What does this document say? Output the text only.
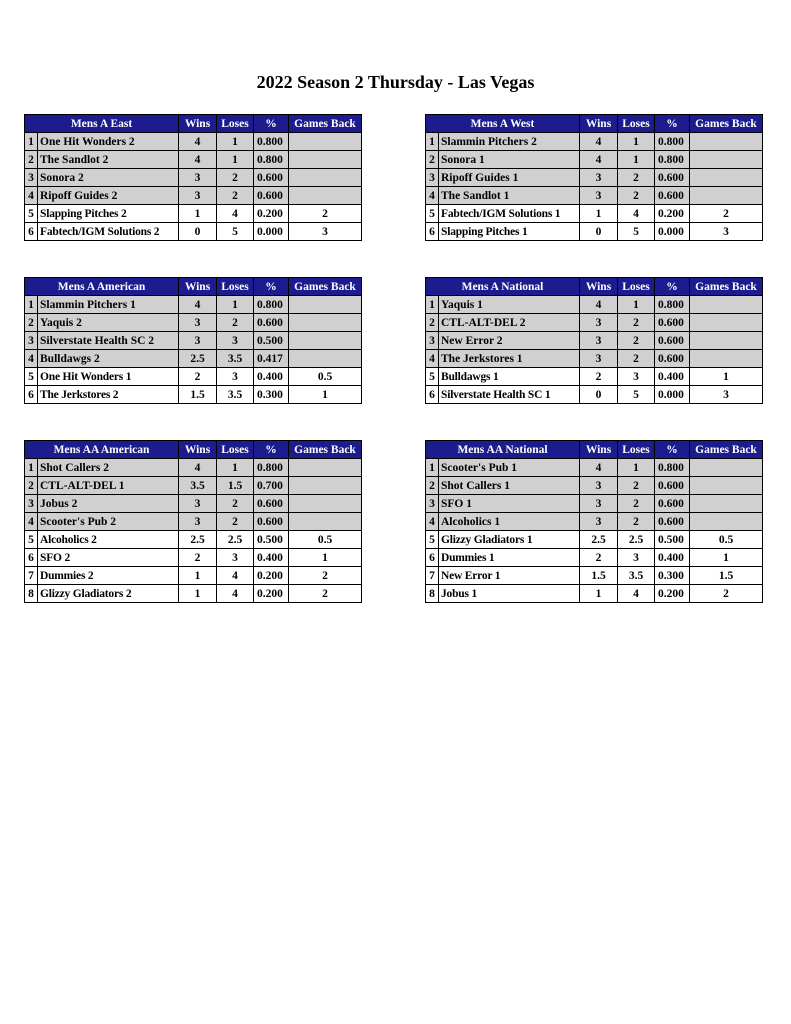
2022 Season 2 Thursday - Las Vegas
Mens A East		Wins	Loses	%	Games Back
1	One Hit Wonders 2	4	1	0.800	
2	The Sandlot 2	4	1	0.800	
3	Sonora 2	3	2	0.600	
4	Ripoff Guides 2	3	2	0.600	
5	Slapping Pitches 2	1	4	0.200	2
6	Fabtech/IGM Solutions 2	0	5	0.000	3
Mens A West		Wins	Loses	%	Games Back
1	Slammin Pitchers 2	4	1	0.800	
2	Sonora 1	4	1	0.800	
3	Ripoff Guides 1	3	2	0.600	
4	The Sandlot 1	3	2	0.600	
5	Fabtech/IGM Solutions 1	1	4	0.200	2
6	Slapping Pitches 1	0	5	0.000	3
Mens A American		Wins	Loses	%	Games Back
1	Slammin Pitchers 1	4	1	0.800	
2	Yaquis 2	3	2	0.600	
3	Silverstate Health SC 2	3	3	0.500	
4	Bulldawgs 2	2.5	3.5	0.417	
5	One Hit Wonders 1	2	3	0.400	0.5
6	The Jerkstores 2	1.5	3.5	0.300	1
Mens A National		Wins	Loses	%	Games Back
1	Yaquis 1	4	1	0.800	
2	CTL-ALT-DEL 2	3	2	0.600	
3	New Error 2	3	2	0.600	
4	The Jerkstores 1	3	2	0.600	
5	Bulldawgs 1	2	3	0.400	1
6	Silverstate Health SC 1	0	5	0.000	3
Mens AA American		Wins	Loses	%	Games Back
1	Shot Callers 2	4	1	0.800	
2	CTL-ALT-DEL 1	3.5	1.5	0.700	
3	Jobus 2	3	2	0.600	
4	Scooter's Pub 2	3	2	0.600	
5	Alcoholics 2	2.5	2.5	0.500	0.5
6	SFO 2	2	3	0.400	1
7	Dummies 2	1	4	0.200	2
8	Glizzy Gladiators 2	1	4	0.200	2
Mens AA National		Wins	Loses	%	Games Back
1	Scooter's Pub 1	4	1	0.800	
2	Shot Callers 1	3	2	0.600	
3	SFO 1	3	2	0.600	
4	Alcoholics 1	3	2	0.600	
5	Glizzy Gladiators 1	2.5	2.5	0.500	0.5
6	Dummies 1	2	3	0.400	1
7	New Error 1	1.5	3.5	0.300	1.5
8	Jobus 1	1	4	0.200	2
